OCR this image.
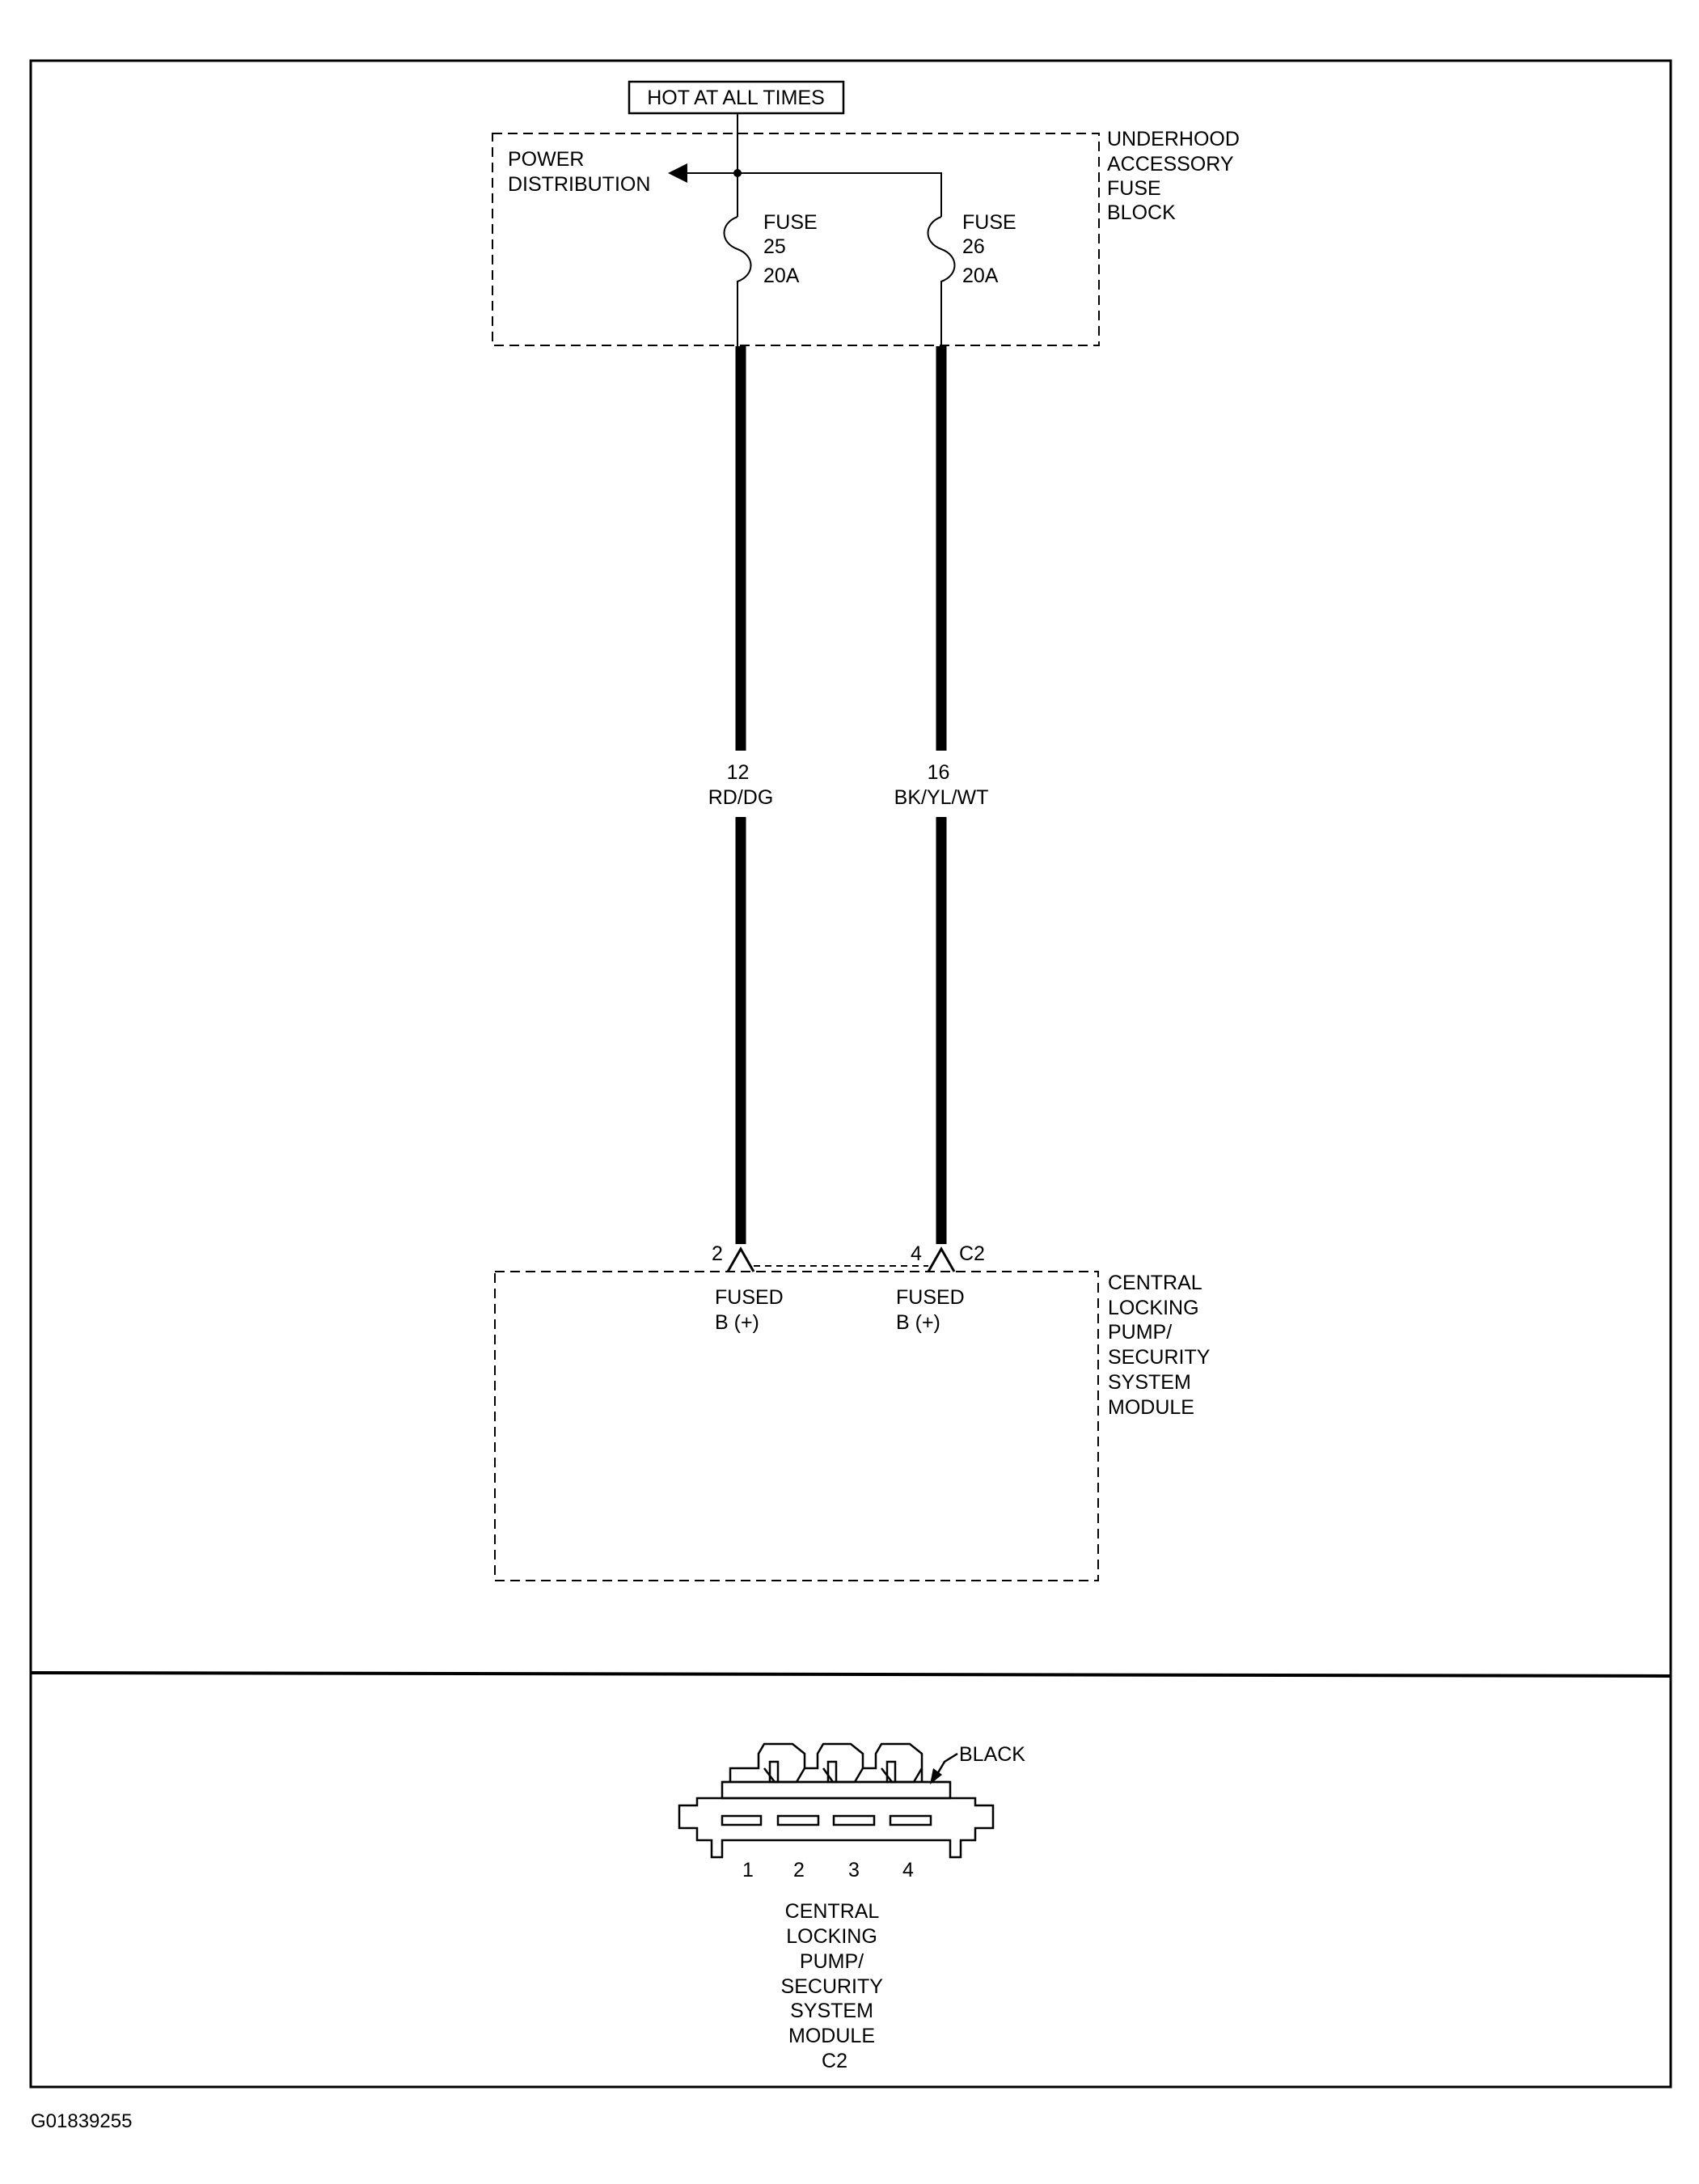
HOT AT ALL TIMES
UNDERHOOD ACCESSORY FUSE BLOCK
POWER DISTRIBUTION
FUSE 25 20A
FUSE 26 20A
12 RD/DG
16 BK/YL/WT
2	4 C2
FUSED B (+)
FUSED B (+)
CENTRAL LOCKING PUMP/ SECURITY SYSTEM MODULE
BLACK
1 2 3 4
CENTRAL LOCKING PUMP/ SECURITY SYSTEM MODULE C2
G01839255
